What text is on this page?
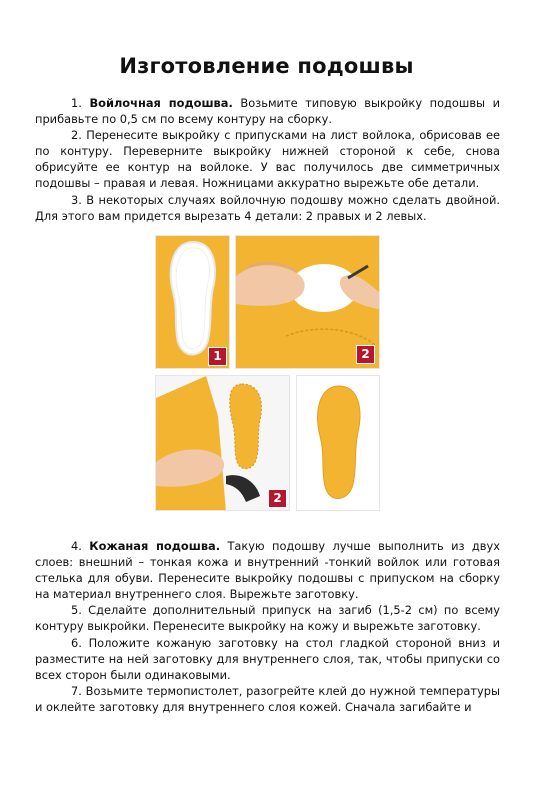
Изготовление подошвы

1. Войлочная подошва. Возьмите типовую выкройку подошвы и прибавьте по 0,5 см по всему контуру на сборку.

2. Перенесите выкройку с припусками на лист войлока, обрисовав ее по контуру. Переверните выкройку нижней стороной к себе, снова обрисуйте ее контур на войлоке. У вас получилось две симметричных подошвы – правая и левая. Ножницами аккуратно вырежьте обе детали.

3. В некоторых случаях войлочную подошву можно сделать двойной. Для этого вам придется вырезать 4 детали: 2 правых и 2 левых.

1	2
2

4. Кожаная подошва. Такую подошву лучше выполнить из двух слоев: внешний – тонкая кожа и внутренний -тонкий войлок или готовая стелька для обуви. Перенесите выкройку подошвы с припуском на сборку на материал внутреннего слоя. Вырежьте заготовку.

5. Сделайте дополнительный припуск на загиб (1,5-2 см) по всему контуру выкройки. Перенесите выкройку на кожу и вырежьте заготовку.

6. Положите кожаную заготовку на стол гладкой стороной вниз и разместите на ней заготовку для внутреннего слоя, так, чтобы припуски со всех сторон были одинаковыми.

7. Возьмите термопистолет, разогрейте клей до нужной температуры и оклейте заготовку для внутреннего слоя кожей. Сначала загибайте и
